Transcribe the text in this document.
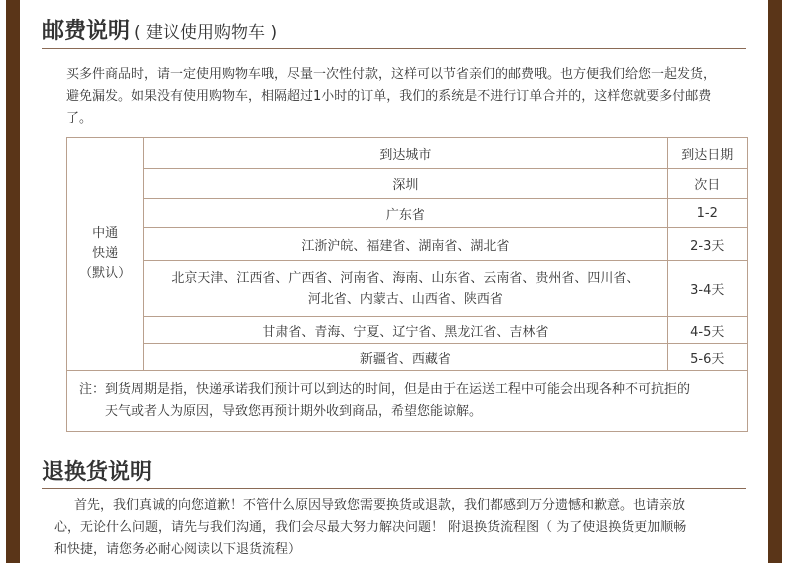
邮费说明 ( 建议使用购物车 )
买多件商品时，请一定使用购物车哦，尽量一次性付款，这样可以节省亲们的邮费哦。也方便我们给您一起发货，
避免漏发。如果没有使用购物车，相隔超过1小时的订单，我们的系统是不进行订单合并的，这样您就要多付邮费
了。
中通
快递
（默认）	到达城市	到达日期
	深圳	次日
	广东省	1-2
	江浙沪皖、福建省、湖南省、湖北省	2-3天

	北京天津、江西省、广西省、河南省、海南、山东省、云南省、贵州省、四川省、
河北省、内蒙古、山西省、陕西省	3-4天
	甘肃省、青海、宁夏、辽宁省、黑龙江省、吉林省	4-5天
	新疆省、西藏省	5-6天

注：到货周期是指，快递承诺我们预计可以到达的时间，但是由于在运送工程中可能会出现各种不可抗拒的
天气或者人为原因，导致您再预计期外收到商品，希望您能谅解。		
退换货说明
首先，我们真诚的向您道歉！不管什么原因导致您需要换货或退款，我们都感到万分遗憾和歉意。也请亲放
心，无论什么问题，请先与我们沟通，我们会尽最大努力解决问题！ 附退换货流程图（ 为了使退换货更加顺畅
和快捷，请您务必耐心阅读以下退货流程）
